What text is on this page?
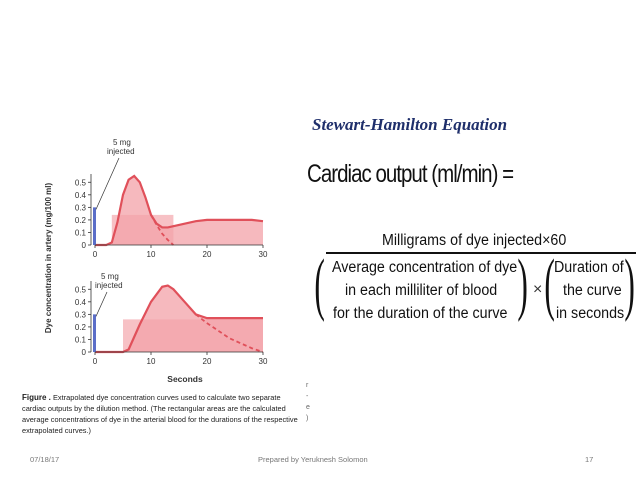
Stewart-Hamilton Equation
Cardiac output (ml/min) =
Milligrams of dye injected×60
(	) ( )
Average concentration of dye
in each milliliter of blood
for the duration of the curve
×
Duration of
the curve
in seconds
Dye concentration in artery (mg/100 ml)
Seconds
0
0.1
0.2
0.3
0.4
0.5
0	10	20	30
5 mg
injected
0
0.1
0.2
0.3
0.4
0.5
0	10	20	30
5 mg
injected
Figure . Extrapolated dye concentration curves used to calculate two separate cardiac outputs by the dilution method. (The rectangular areas are the calculated average concentrations of dye in the arterial blood for the durations of the respective extrapolated curves.)
r
-
e
)
07/18/17	Prepared by Yeruknesh Solomon	17
